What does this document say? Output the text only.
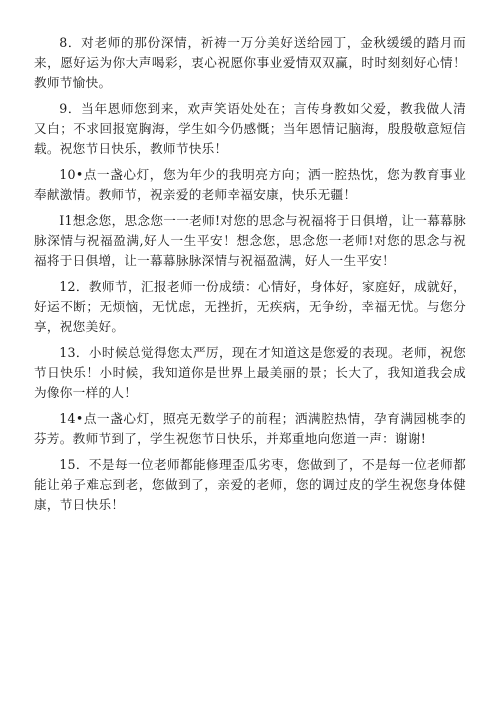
8．对老师的那份深情，祈祷一万分美好送给园丁，金秋缓缓的踏月而来，愿好运为你大声喝彩，衷心祝愿你事业爱情双双赢，时时刻刻好心情！教师节愉快。

9．当年恩师您到来，欢声笑语处处在；言传身教如父爱，教我做人清又白；不求回报宽胸海，学生如今仍感慨；当年恩情记脑海，殷殷敬意短信载。祝您节日快乐，教师节快乐！

10•点一盏心灯，您为年少的我明亮方向；洒一腔热忱，您为教育事业奉献激情。教师节，祝亲爱的老师幸福安康，快乐无疆！

I1想念您，思念您一一老师!对您的思念与祝福将于日俱增，让一幕幕脉脉深情与祝福盈满,好人一生平安！想念您，思念您一老师!对您的思念与祝福将于日俱增，让一幕幕脉脉深情与祝福盈满，好人一生平安！

12．教师节，汇报老师一份成绩：心情好，身体好，家庭好，成就好，好运不断；无烦恼，无忧虑，无挫折，无疾病，无争纷，幸福无忧。与您分享，祝您美好。

13．小时候总觉得您太严厉，现在才知道这是您爱的表现。老师，祝您节日快乐！小时候，我知道你是世界上最美丽的景；长大了，我知道我会成为像你一样的人！

14•点一盏心灯，照亮无数学子的前程；洒满腔热情，孕育满园桃李的芬芳。教师节到了，学生祝您节日快乐，并郑重地向您道一声：谢谢!

15．不是每一位老师都能修理歪瓜劣枣，您做到了，不是每一位老师都能让弟子难忘到老，您做到了，亲爱的老师，您的调过皮的学生祝您身体健康，节日快乐！
